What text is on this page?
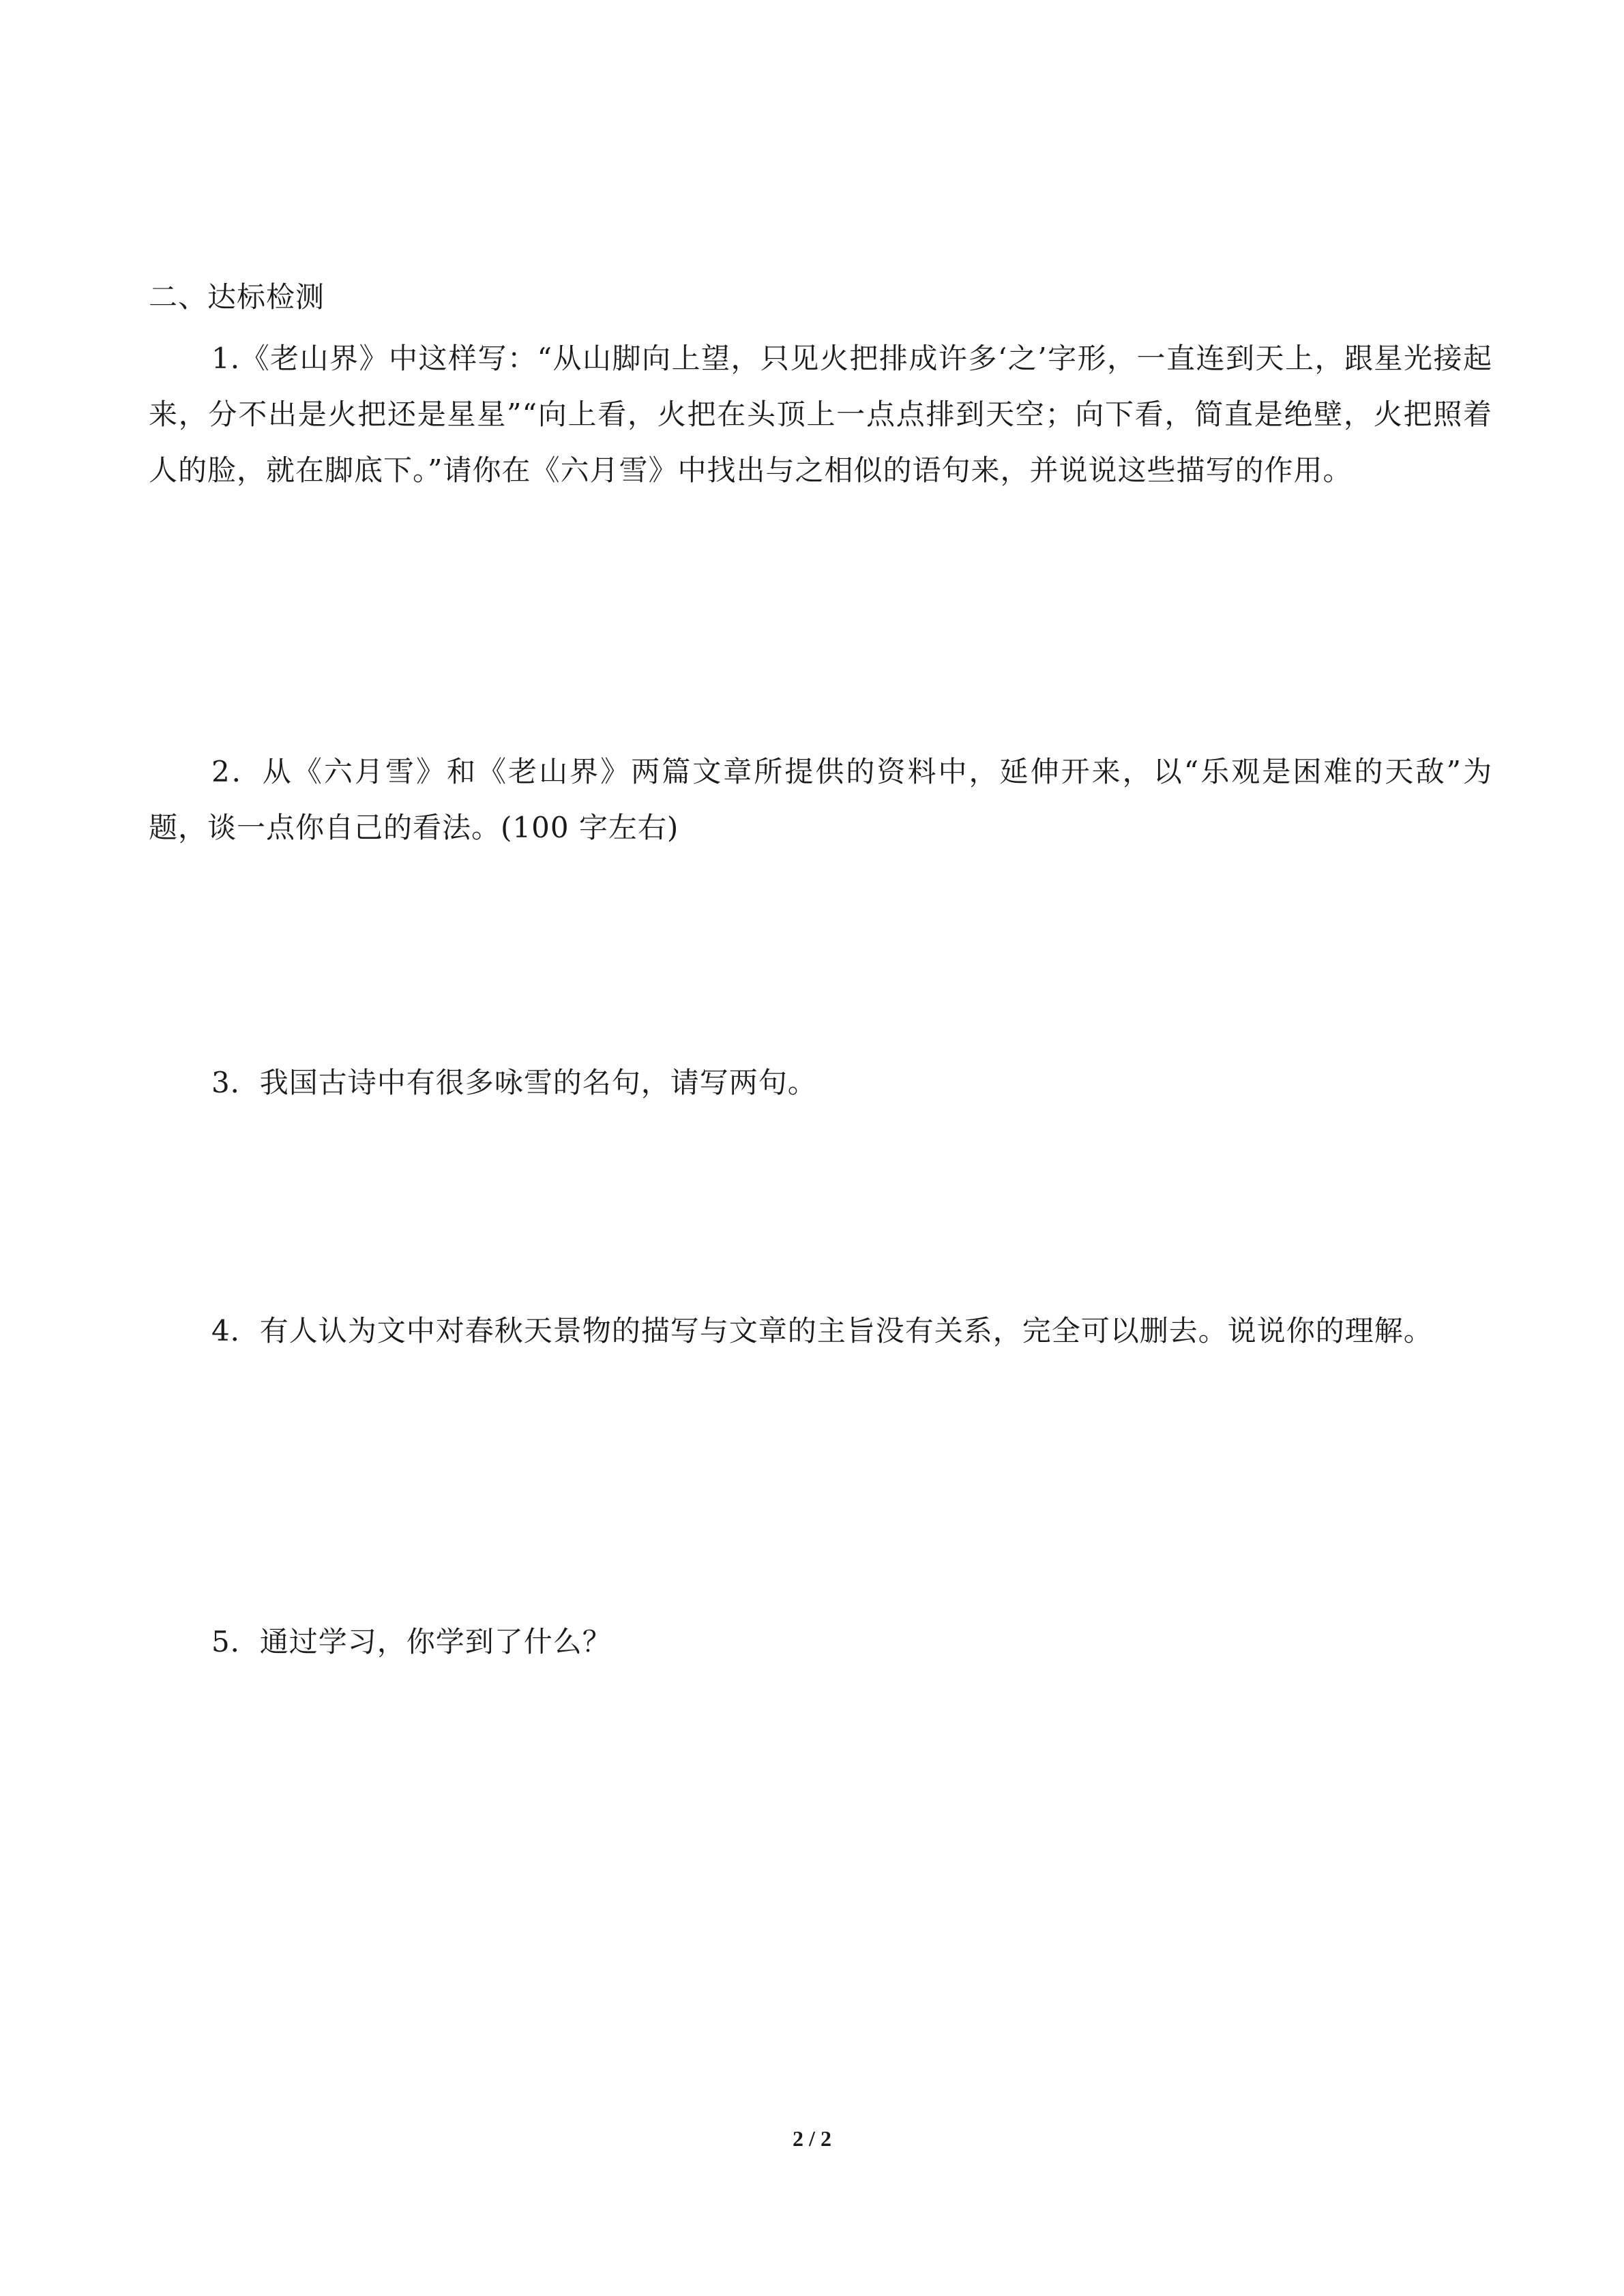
二、达标检测

1.《老山界》中这样写：“从山脚向上望，只见火把排成许多‘之’字形，一直连到天上，跟星光接起来，分不出是火把还是星星”“向上看，火把在头顶上一点点排到天空；向下看，简直是绝壁，火把照着人的脸，就在脚底下。”请你在《六月雪》中找出与之相似的语句来，并说说这些描写的作用。

2．从《六月雪》和《老山界》两篇文章所提供的资料中，延伸开来，以“乐观是困难的天敌”为题，谈一点你自己的看法。(100 字左右)

3．我国古诗中有很多咏雪的名句，请写两句。

4．有人认为文中对春秋天景物的描写与文章的主旨没有关系，完全可以删去。说说你的理解。

5．通过学习，你学到了什么？

2 / 2
